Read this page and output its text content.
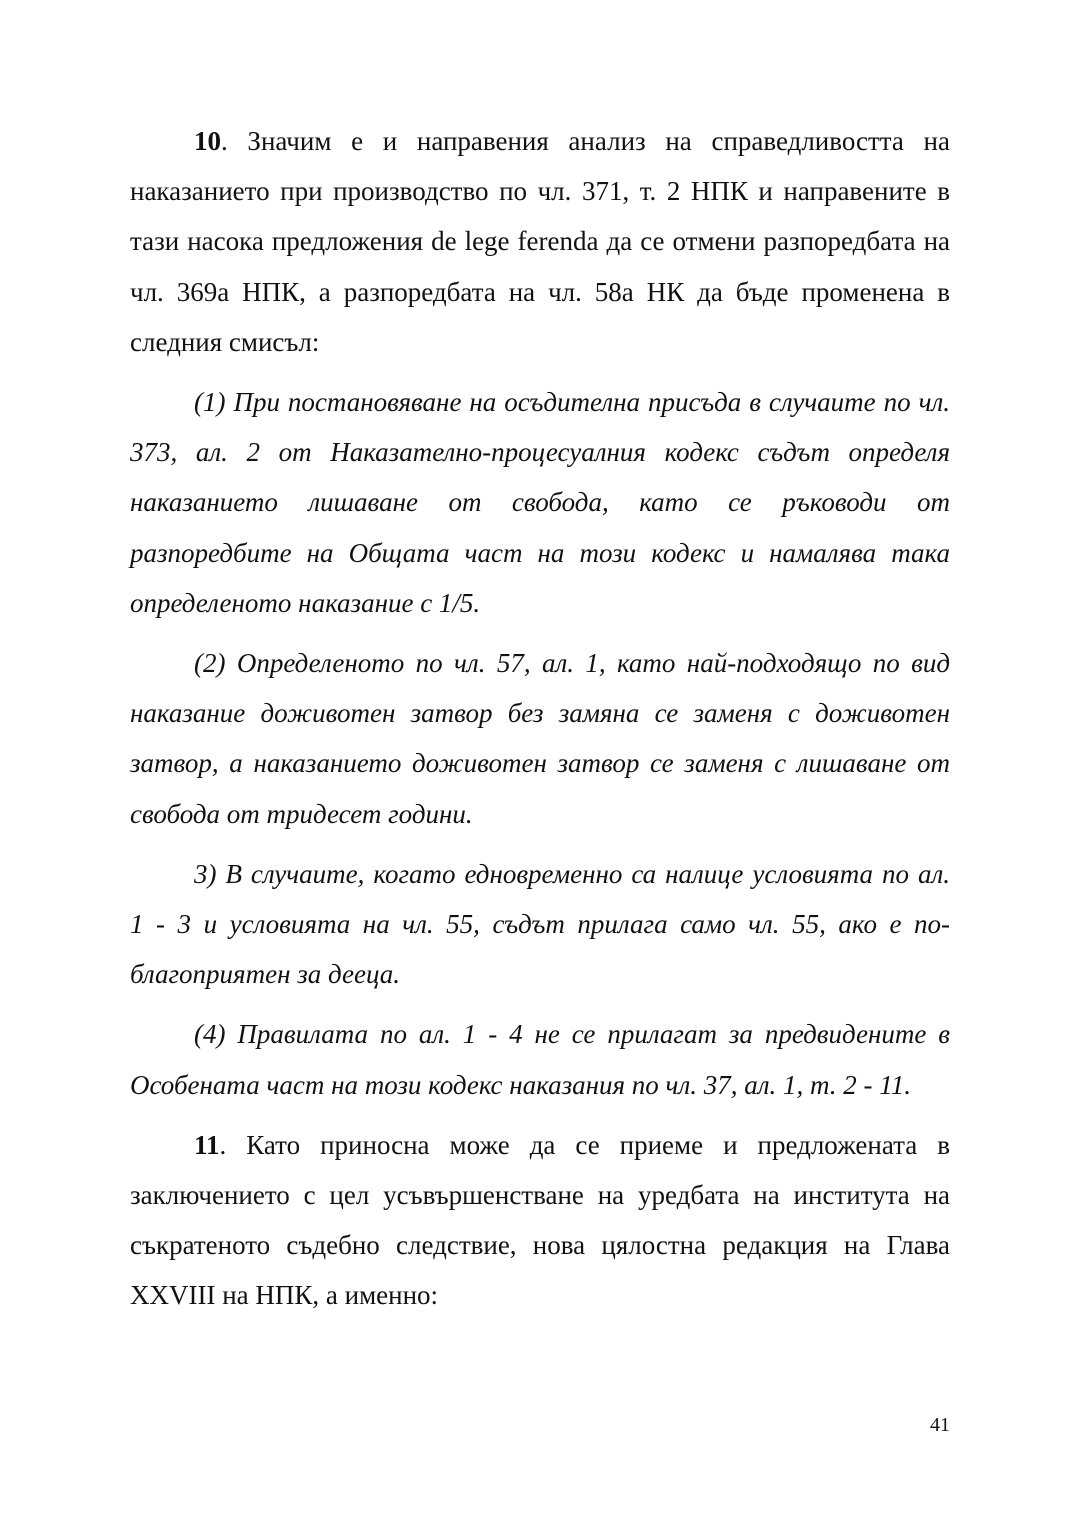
10. Значим е и направения анализ на справедливостта на наказанието при производство по чл. 371, т. 2 НПК и направените в тази насока предложения de lege ferenda да се отмени разпоредбата на чл. 369а НПК, а разпоредбата на чл. 58а НК да бъде променена в следния смисъл:

(1) При постановяване на осъдителна присъда в случаите по чл. 373, ал. 2 от Наказателно-процесуалния кодекс съдът определя наказанието лишаване от свобода, като се ръководи от разпоредбите на Общата част на този кодекс и намалява така определеното наказание с 1/5.

(2) Определеното по чл. 57, ал. 1, като най-подходящо по вид наказание доживотен затвор без замяна се заменя с доживотен затвор, а наказанието доживотен затвор се заменя с лишаване от свобода от тридесет години.

3) В случаите, когато едновременно са налице условията по ал. 1 - 3 и условията на чл. 55, съдът прилага само чл. 55, ако е по-благоприятен за дееца.

(4) Правилата по ал. 1 - 4 не се прилагат за предвидените в Особената част на този кодекс наказания по чл. 37, ал. 1, т. 2 - 11.

11. Като приносна може да се приеме и предложената в заключението с цел усъвършенстване на уредбата на института на съкратеното съдебно следствие, нова цялостна редакция на Глава XXVIII на НПК, а именно:

41
